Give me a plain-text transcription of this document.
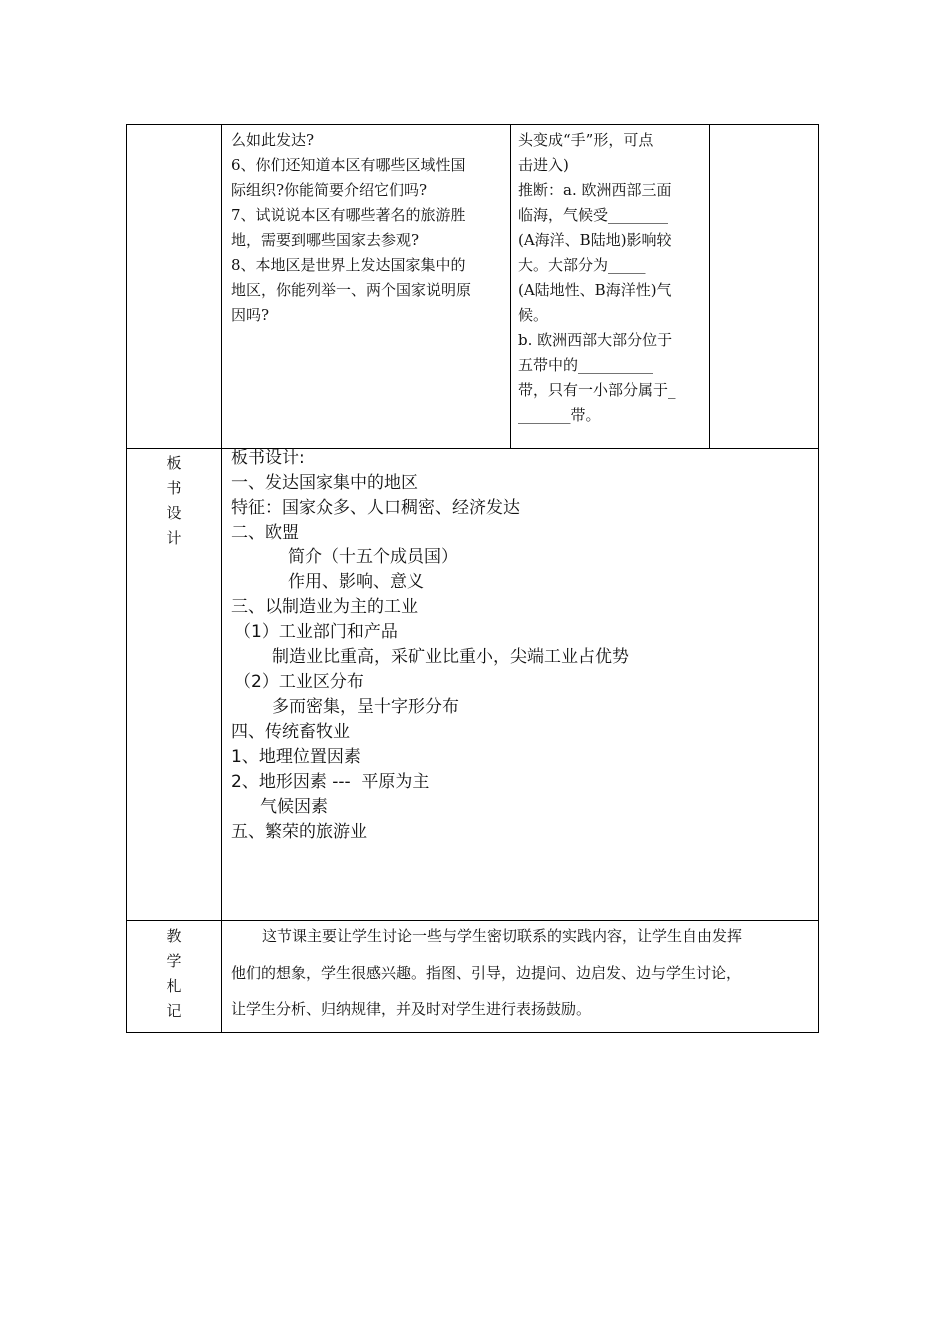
么如此发达?
6、你们还知道本区有哪些区域性国
际组织?你能简要介绍它们吗?
7、试说说本区有哪些著名的旅游胜
地，需要到哪些国家去参观?
8、本地区是世界上发达国家集中的
地区，你能列举一、两个国家说明原
因吗?
头变成“手”形，可点
击进入)
推断：a. 欧洲西部三面
临海，气候受________
(A海洋、B陆地)影响较
大。大部分为_____
(A陆地性、B海洋性)气
候。
b. 欧洲西部大部分位于
五带中的__________
带，只有一小部分属于_
_______带。
板
书
设
计
板书设计:
一、发达国家集中的地区
特征：国家众多、人口稠密、经济发达
二、欧盟
简介（十五个成员国）
作用、影响、意义
三、以制造业为主的工业
（1）工业部门和产品
制造业比重高，采矿业比重小，尖端工业占优势
（2）工业区分布
多而密集，呈十字形分布
四、传统畜牧业
1、地理位置因素
2、地形因素 ---  平原为主
气候因素
五、繁荣的旅游业
教
学
札
记
这节课主要让学生讨论一些与学生密切联系的实践内容，让学生自由发挥
他们的想象，学生很感兴趣。指图、引导，边提问、边启发、边与学生讨论，
让学生分析、归纳规律，并及时对学生进行表扬鼓励。
